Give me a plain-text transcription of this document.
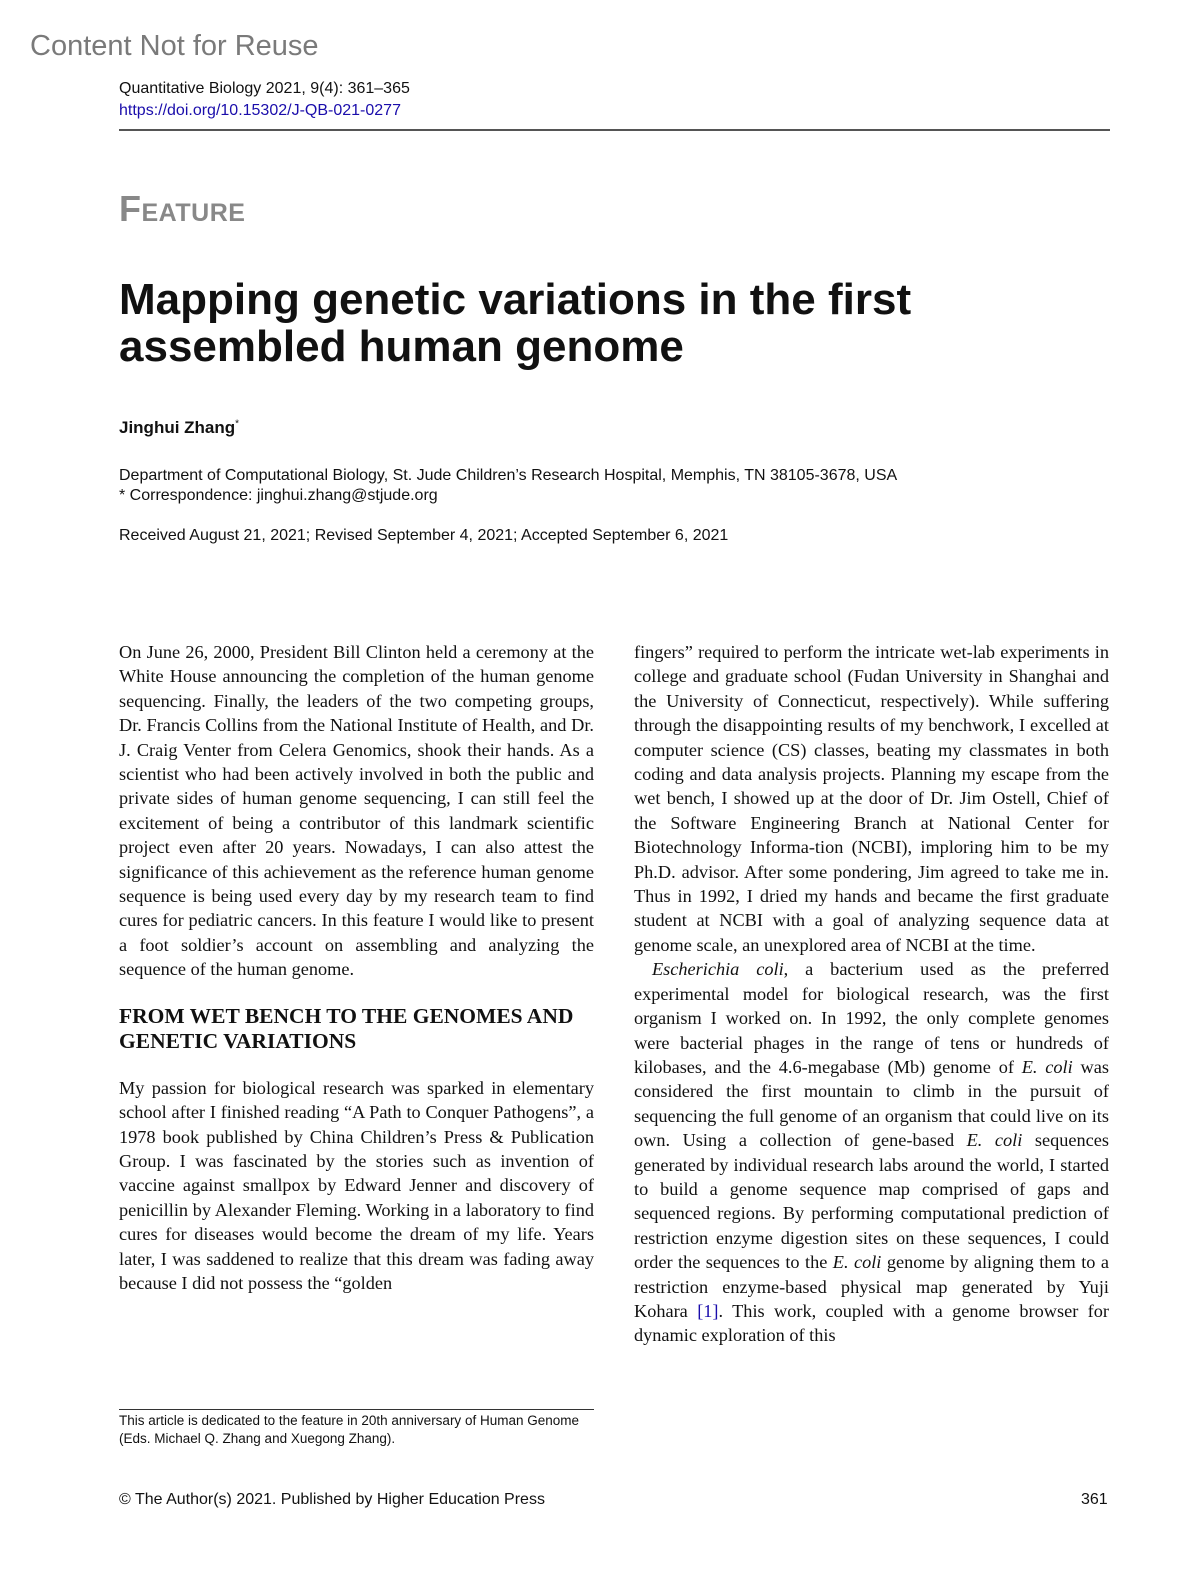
Content Not for Reuse
Quantitative Biology 2021, 9(4): 361–365
https://doi.org/10.15302/J-QB-021-0277
Feature
Mapping genetic variations in the first assembled human genome
Jinghui Zhang*
Department of Computational Biology, St. Jude Children’s Research Hospital, Memphis, TN 38105-3678, USA
* Correspondence: jinghui.zhang@stjude.org
Received August 21, 2021; Revised September 4, 2021; Accepted September 6, 2021

On June 26, 2000, President Bill Clinton held a ceremony at the White House announcing the completion of the human genome sequencing. Finally, the leaders of the two competing groups, Dr. Francis Collins from the National Institute of Health, and Dr. J. Craig Venter from Celera Genomics, shook their hands. As a scientist who had been actively involved in both the public and private sides of human genome sequencing, I can still feel the excitement of being a contributor of this landmark scientific project even after 20 years. Nowadays, I can also attest the significance of this achievement as the reference human genome sequence is being used every day by my research team to find cures for pediatric cancers. In this feature I would like to present a foot soldier’s account on assembling and analyzing the sequence of the human genome.

FROM WET BENCH TO THE GENOMES AND GENETIC VARIATIONS

My passion for biological research was sparked in elementary school after I finished reading “A Path to Conquer Pathogens”, a 1978 book published by China Children’s Press & Publication Group. I was fascinated by the stories such as invention of vaccine against smallpox by Edward Jenner and discovery of penicillin by Alexander Fleming. Working in a laboratory to find cures for diseases would become the dream of my life. Years later, I was saddened to realize that this dream was fading away because I did not possess the “golden

fingers” required to perform the intricate wet-lab experiments in college and graduate school (Fudan University in Shanghai and the University of Connecticut, respectively). While suffering through the disappointing results of my benchwork, I excelled at computer science (CS) classes, beating my classmates in both coding and data analysis projects. Planning my escape from the wet bench, I showed up at the door of Dr. Jim Ostell, Chief of the Software Engineering Branch at National Center for Biotechnology Informa-tion (NCBI), imploring him to be my Ph.D. advisor. After some pondering, Jim agreed to take me in. Thus in 1992, I dried my hands and became the first graduate student at NCBI with a goal of analyzing sequence data at genome scale, an unexplored area of NCBI at the time.

Escherichia coli, a bacterium used as the preferred experimental model for biological research, was the first organism I worked on. In 1992, the only complete genomes were bacterial phages in the range of tens or hundreds of kilobases, and the 4.6-megabase (Mb) genome of E. coli was considered the first mountain to climb in the pursuit of sequencing the full genome of an organism that could live on its own. Using a collection of gene-based E. coli sequences generated by individual research labs around the world, I started to build a genome sequence map comprised of gaps and sequenced regions. By performing computational prediction of restriction enzyme digestion sites on these sequences, I could order the sequences to the E. coli genome by aligning them to a restriction enzyme-based physical map generated by Yuji Kohara [1]. This work, coupled with a genome browser for dynamic exploration of this

This article is dedicated to the feature in 20th anniversary of Human Genome (Eds. Michael Q. Zhang and Xuegong Zhang).
© The Author(s) 2021. Published by Higher Education Press	361
